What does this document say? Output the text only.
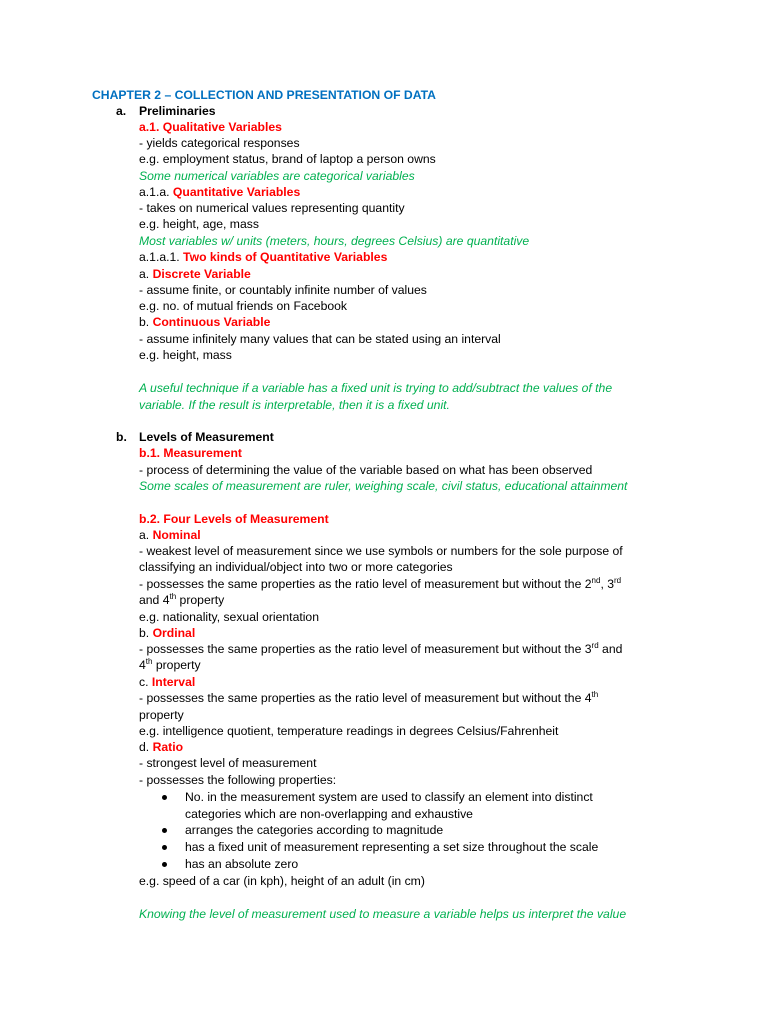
CHAPTER 2 – COLLECTION AND PRESENTATION OF DATA
a. Preliminaries
a.1. Qualitative Variables
- yields categorical responses
e.g. employment status, brand of laptop a person owns
Some numerical variables are categorical variables
a.1.a. Quantitative Variables
- takes on numerical values representing quantity
e.g. height, age, mass
Most variables w/ units (meters, hours, degrees Celsius) are quantitative
a.1.a.1. Two kinds of Quantitative Variables
a. Discrete Variable
- assume finite, or countably infinite number of values
e.g. no. of mutual friends on Facebook
b. Continuous Variable
- assume infinitely many values that can be stated using an interval
e.g. height, mass
A useful technique if a variable has a fixed unit is trying to add/subtract the values of the
variable. If the result is interpretable, then it is a fixed unit.
b. Levels of Measurement
b.1. Measurement
- process of determining the value of the variable based on what has been observed
Some scales of measurement are ruler, weighing scale, civil status, educational attainment
b.2. Four Levels of Measurement
a. Nominal
- weakest level of measurement since we use symbols or numbers for the sole purpose of
classifying an individual/object into two or more categories
- possesses the same properties as the ratio level of measurement but without the 2nd, 3rd
and 4th property
e.g. nationality, sexual orientation
b. Ordinal
- possesses the same properties as the ratio level of measurement but without the 3rd and
4th property
c. Interval
- possesses the same properties as the ratio level of measurement but without the 4th
property
e.g. intelligence quotient, temperature readings in degrees Celsius/Fahrenheit
d. Ratio
- strongest level of measurement
- possesses the following properties:
No. in the measurement system are used to classify an element into distinct
categories which are non-overlapping and exhaustive
arranges the categories according to magnitude
has a fixed unit of measurement representing a set size throughout the scale
has an absolute zero
e.g. speed of a car (in kph), height of an adult (in cm)
Knowing the level of measurement used to measure a variable helps us interpret the value
